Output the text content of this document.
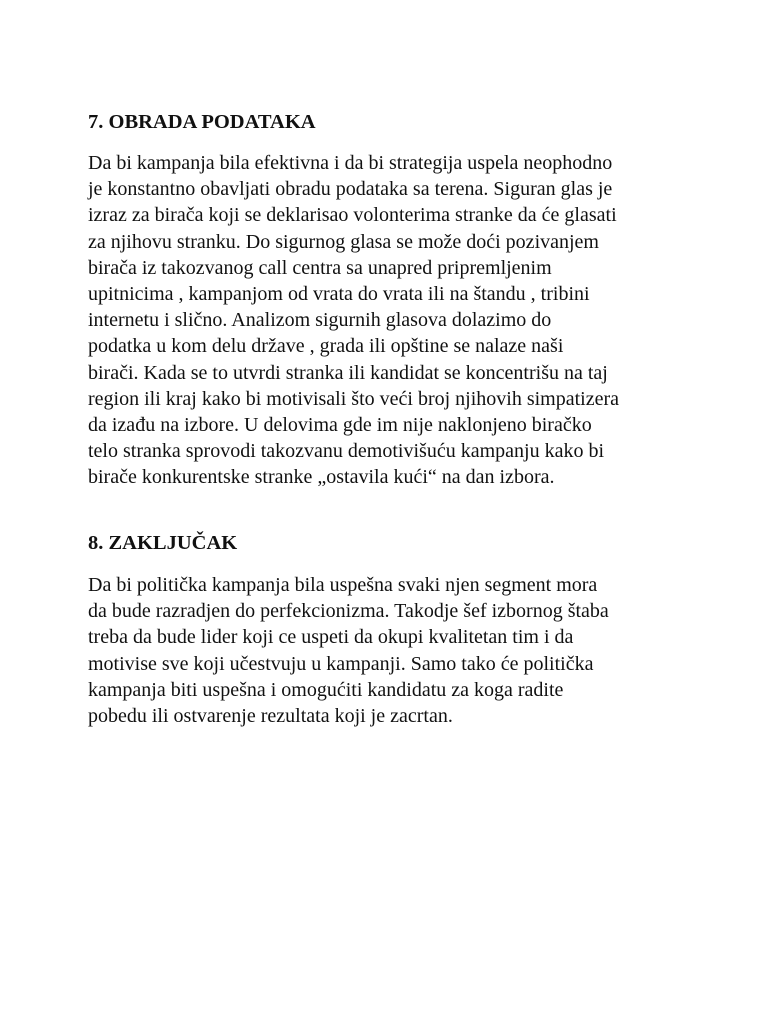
7. OBRADA PODATAKA

Da bi kampanja bila efektivna i da bi strategija uspela neophodno
je konstantno obavljati obradu podataka sa terena. Siguran glas je
izraz za birača koji se deklarisao volonterima stranke da će glasati
za njihovu stranku. Do sigurnog glasa se može doći pozivanjem
birača iz takozvanog call centra sa unapred pripremljenim
upitnicima , kampanjom od vrata do vrata ili na štandu , tribini
internetu i slično. Analizom sigurnih glasova dolazimo do
podatka u kom delu države , grada ili opštine se nalaze naši
birači. Kada se to utvrdi stranka ili kandidat se koncentrišu na taj
region ili kraj kako bi motivisali što veći broj njihovih simpatizera
da izađu na izbore. U delovima gde im nije naklonjeno biračko
telo stranka sprovodi takozvanu demotivišuću kampanju kako bi
birače konkurentske stranke „ostavila kući“ na dan izbora.

8. ZAKLJUČAK

Da bi politička kampanja bila uspešna svaki njen segment mora
da bude razradjen do perfekcionizma. Takodje šef izbornog štaba
treba da bude lider koji ce uspeti da okupi kvalitetan tim i da
motivise sve koji učestvuju u kampanji. Samo tako će politička
kampanja biti uspešna i omogućiti kandidatu za koga radite
pobedu ili ostvarenje rezultata koji je zacrtan.
